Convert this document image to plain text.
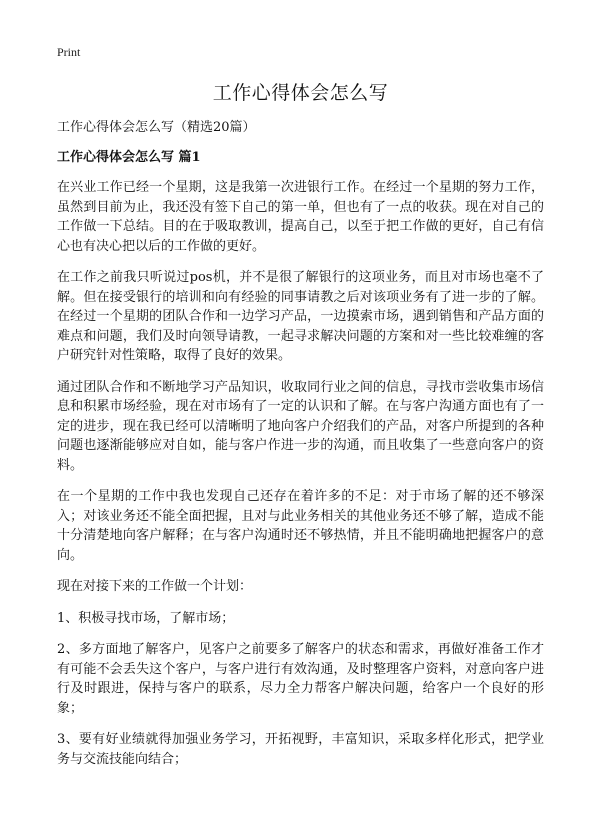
Print
工作心得体会怎么写
工作心得体会怎么写（精选20篇）
工作心得体会怎么写 篇1

在兴业工作已经一个星期，这是我第一次进银行工作。在经过一个星期的努力工作，虽然到目前为止，我还没有签下自己的第一单，但也有了一点的收获。现在对自己的工作做一下总结。目的在于吸取教训，提高自己，以至于把工作做的更好，自己有信心也有决心把以后的工作做的更好。

在工作之前我只听说过pos机，并不是很了解银行的这项业务，而且对市场也毫不了解。但在接受银行的培训和向有经验的同事请教之后对该项业务有了进一步的了解。在经过一个星期的团队合作和一边学习产品，一边摸索市场，遇到销售和产品方面的难点和问题，我们及时向领导请教，一起寻求解决问题的方案和对一些比较难缠的客户研究针对性策略，取得了良好的效果。

通过团队合作和不断地学习产品知识，收取同行业之间的信息，寻找市尝收集市场信息和积累市场经验，现在对市场有了一定的认识和了解。在与客户沟通方面也有了一定的进步，现在我已经可以清晰明了地向客户介绍我们的产品，对客户所提到的各种问题也逐渐能够应对自如，能与客户作进一步的沟通，而且收集了一些意向客户的资料。

在一个星期的工作中我也发现自己还存在着许多的不足：对于市场了解的还不够深入；对该业务还不能全面把握，且对与此业务相关的其他业务还不够了解，造成不能十分清楚地向客户解释；在与客户沟通时还不够热情，并且不能明确地把握客户的意向。

现在对接下来的工作做一个计划：

1、积极寻找市场，了解市场；

2、多方面地了解客户，见客户之前要多了解客户的状态和需求，再做好准备工作才有可能不会丢失这个客户，与客户进行有效沟通，及时整理客户资料，对意向客户进行及时跟进，保持与客户的联系，尽力全力帮客户解决问题，给客户一个良好的形象；

3、要有好业绩就得加强业务学习，开拓视野，丰富知识，采取多样化形式，把学业务与交流技能向结合；
